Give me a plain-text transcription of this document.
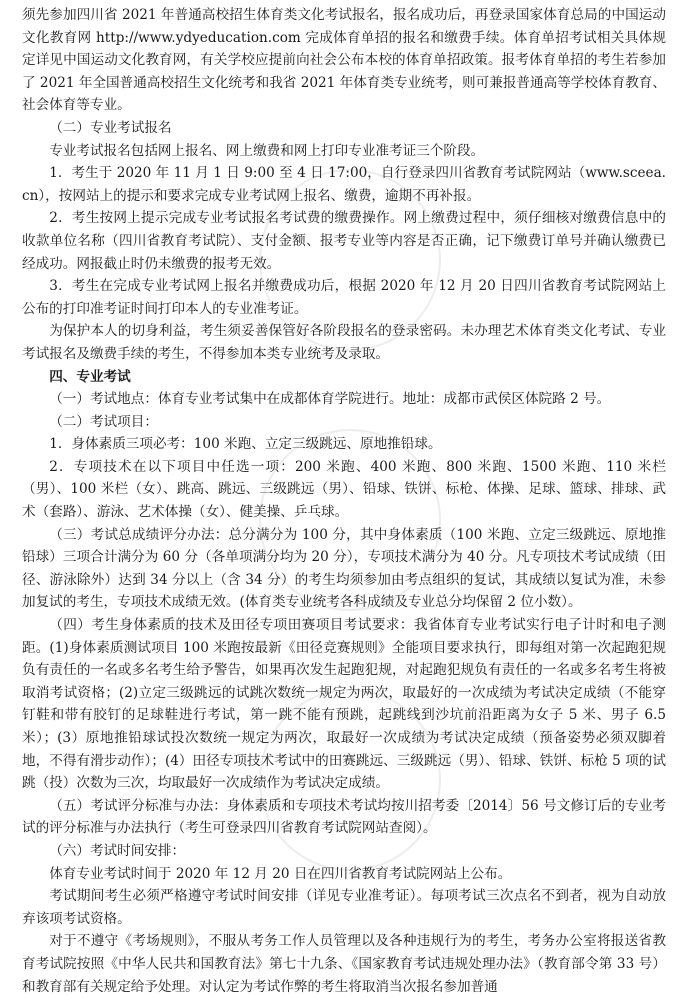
须先参加四川省 2021 年普通高校招生体育类文化考试报名，报名成功后，再登录国家体育总局的中国运动文化教育网 http://www.ydyeducation.com 完成体育单招的报名和缴费手续。体育单招考试相关具体规定详见中国运动文化教育网，有关学校应提前向社会公布本校的体育单招政策。报考体育单招的考生若参加了 2021 年全国普通高校招生文化统考和我省 2021 年体育类专业统考，则可兼报普通高等学校体育教育、社会体育等专业。

（二）专业考试报名

专业考试报名包括网上报名、网上缴费和网上打印专业准考证三个阶段。

1．考生于 2020 年 11 月 1 日 9:00 至 4 日 17:00，自行登录四川省教育考试院网站（www.sceea.cn），按网站上的提示和要求完成专业考试网上报名、缴费，逾期不再补报。

2．考生按网上提示完成专业考试报名考试费的缴费操作。网上缴费过程中，须仔细核对缴费信息中的收款单位名称（四川省教育考试院）、支付金额、报考专业等内容是否正确，记下缴费订单号并确认缴费已经成功。网报截止时仍未缴费的报考无效。

3．考生在完成专业考试网上报名并缴费成功后，根据 2020 年 12 月 20 日四川省教育考试院网站上公布的打印准考证时间打印本人的专业准考证。

为保护本人的切身利益，考生须妥善保管好各阶段报名的登录密码。未办理艺术体育类文化考试、专业考试报名及缴费手续的考生，不得参加本类专业统考及录取。

四、专业考试

（一）考试地点：体育专业考试集中在成都体育学院进行。地址：成都市武侯区体院路 2 号。

（二）考试项目：

1．身体素质三项必考：100 米跑、立定三级跳远、原地推铅球。

2．专项技术在以下项目中任选一项：200 米跑、400 米跑、800 米跑、1500 米跑、110 米栏（男）、100 米栏（女）、跳高、跳远、三级跳远（男）、铅球、铁饼、标枪、体操、足球、篮球、排球、武术（套路）、游泳、艺术体操（女）、健美操、乒乓球。

（三）考试总成绩评分办法：总分满分为 100 分，其中身体素质（100 米跑、立定三级跳远、原地推铅球）三项合计满分为 60 分（各单项满分均为 20 分），专项技术满分为 40 分。凡专项技术考试成绩（田径、游泳除外）达到 34 分以上（含 34 分）的考生均须参加由考点组织的复试，其成绩以复试为准，未参加复试的考生，专项技术成绩无效。(体育类专业统考各科成绩及专业总分均保留 2 位小数）。

（四）考生身体素质的技术及田径专项田赛项目考试要求：我省体育专业考试实行电子计时和电子测距。(1)身体素质测试项目 100 米跑按最新《田径竞赛规则》全能项目要求执行，即每组对第一次起跑犯规负有责任的一名或多名考生给予警告，如果再次发生起跑犯规，对起跑犯规负有责任的一名或多名考生将被取消考试资格；(2)立定三级跳远的试跳次数统一规定为两次，取最好的一次成绩为考试决定成绩（不能穿钉鞋和带有胶钉的足球鞋进行考试，第一跳不能有预跳，起跳线到沙坑前沿距离为女子 5 米、男子 6.5 米）；(3）原地推铅球试投次数统一规定为两次，取最好一次成绩为考试决定成绩（预备姿势必须双脚着地，不得有滑步动作）；(4）田径专项技术考试中的田赛跳远、三级跳远（男）、铅球、铁饼、标枪 5 项的试跳（投）次数为三次，均取最好一次成绩作为考试决定成绩。

（五）考试评分标准与办法：身体素质和专项技术考试均按川招考委〔2014〕56 号文修订后的专业考试的评分标准与办法执行（考生可登录四川省教育考试院网站查阅）。

（六）考试时间安排：

体育专业考试时间于 2020 年 12 月 20 日在四川省教育考试院网站上公布。

考试期间考生必须严格遵守考试时间安排（详见专业准考证）。每项考试三次点名不到者，视为自动放弃该项考试资格。

对于不遵守《考场规则》，不服从考务工作人员管理以及各种违规行为的考生，考务办公室将报送省教育考试院按照《中华人民共和国教育法》第七十九条、《国家教育考试违规处理办法》（教育部令第 33 号）和教育部有关规定给予处理。对认定为考试作弊的考生将取消当次报名参加普通
